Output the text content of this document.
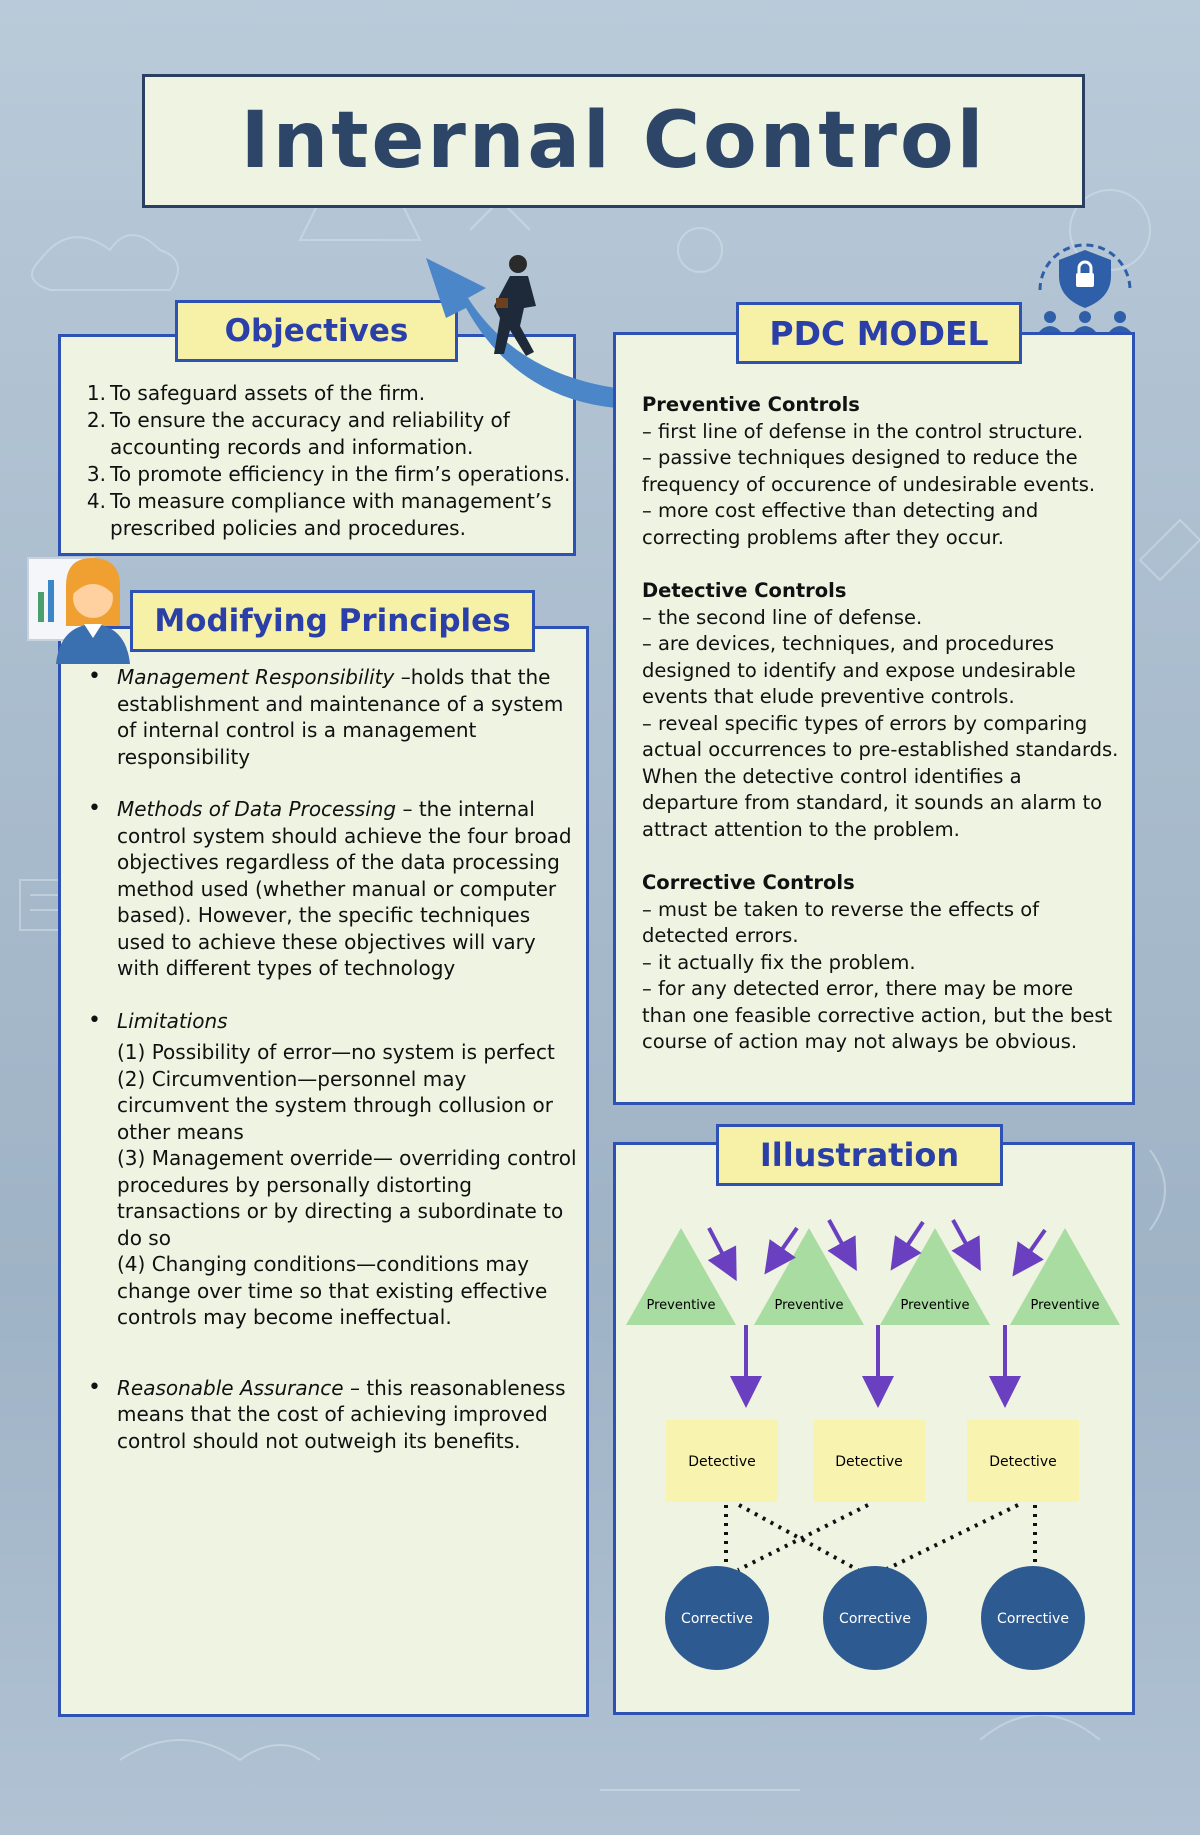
Internal Control
Objectives
1. To safeguard assets of the firm.
2. To ensure the accuracy and reliability of
accounting records and information.
3. To promote efficiency in the firm’s operations.
4. To measure compliance with management’s
prescribed policies and procedures.
Modifying Principles
• Management Responsibility –holds that the establishment and maintenance of a system of internal control is a management responsibility
• Methods of Data Processing – the internal control system should achieve the four broad objectives regardless of the data processing method used (whether manual or computer based). However, the specific techniques used to achieve these objectives will vary with different types of technology
• Limitations
(1) Possibility of error—no system is perfect
(2) Circumvention—personnel may circumvent the system through collusion or other means
(3) Management override— overriding control procedures by personally distorting transactions or by directing a subordinate to do so
(4) Changing conditions—conditions may change over time so that existing effective controls may become ineffectual.
• Reasonable Assurance – this reasonableness means that the cost of achieving improved control should not outweigh its benefits.
PDC MODEL
Preventive Controls
– first line of defense in the control structure.
– passive techniques designed to reduce the frequency of occurence of undesirable events.
– more cost effective than detecting and correcting problems after they occur.
Detective Controls
– the second line of defense.
– are devices, techniques, and procedures designed to identify and expose undesirable events that elude preventive controls.
– reveal specific types of errors by comparing actual occurrences to pre-established standards. When the detective control identifies a departure from standard, it sounds an alarm to attract attention to the problem.
Corrective Controls
– must be taken to reverse the effects of detected errors.
– it actually fix the problem.
– for any detected error, there may be more than one feasible corrective action, but the best course of action may not always be obvious.
Illustration
Preventive	Preventive	Preventive	Preventive
Detective	Detective	Detective
Corrective	Corrective	Corrective
